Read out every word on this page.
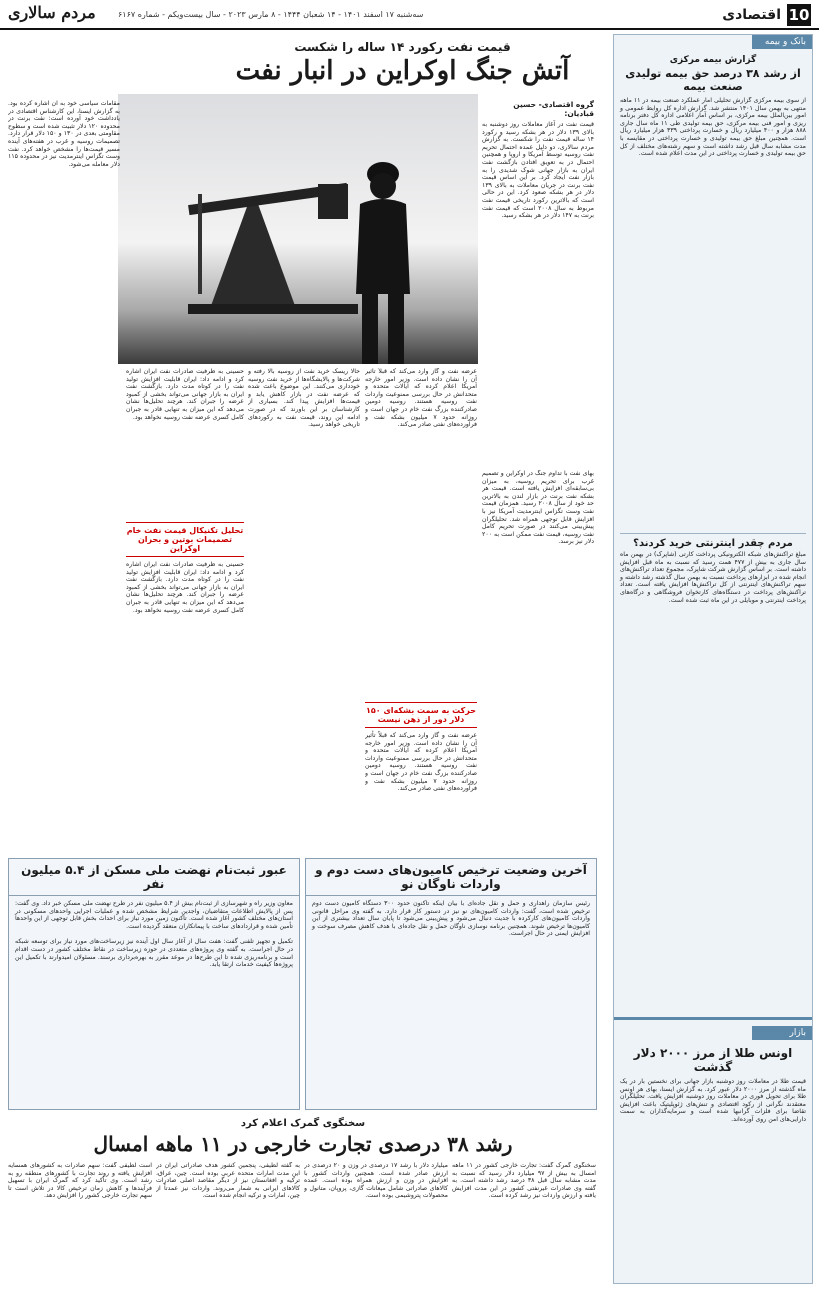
10
اقتصادی
سه‌شنبه ۱۷ اسفند ۱۴۰۱ - ۱۴ شعبان ۱۴۴۴ - ۸ مارس ۲۰۲۳ - سال بیست‌ویکم - شماره ۶۱۶۷
مردم سالاری
بانک و بیمه
گزارش بیمه مرکزی
از رشد ۳۸ درصد حق بیمه تولیدی صنعت بیمه
از سوی بیمه مرکزی گزارش تحلیلی آمار عملکرد صنعت بیمه در ۱۱ ماهه منتهی به بهمن سال ۱۴۰۱ منتشر شد. گزارش اداره کل روابط عمومی و امور بین‌الملل بیمه مرکزی، بر اساس آمار اعلامی اداره کل دفتر برنامه ریزی و امور فنی بیمه مرکزی، حق بیمه تولیدی طی ۱۱ ماه سال جاری ۸۸۸ هزار و ۴۰۰ میلیارد ریال و خسارت پرداختی ۳۳۹ هزار میلیارد ریال است. همچنین مبلغ حق بیمه تولیدی و خسارت پرداختی در مقایسه با مدت مشابه سال قبل رشد داشته است و سهم رشته‌های مختلف از کل حق بیمه تولیدی و خسارت پرداختی در این مدت اعلام شده است.
مردم چقدر اینترنتی خرید کردند؟
مبلغ تراکنش‌های شبکه الکترونیکی پرداخت کارتی (شاپرک) در بهمن ماه سال جاری به بیش از ۴۷۷ همت رسید که نسبت به ماه قبل افزایش داشته است. بر اساس گزارش شرکت شاپرک، مجموع تعداد تراکنش‌های انجام شده در ابزارهای پرداخت نسبت به بهمن سال گذشته رشد داشته و سهم تراکنش‌های اینترنتی از کل تراکنش‌ها افزایش یافته است. تعداد تراکنش‌های پرداخت در دستگاه‌های کارتخوان فروشگاهی و درگاه‌های پرداخت اینترنتی و موبایلی در این ماه ثبت شده است.
بازار
اونس طلا از مرز ۲۰۰۰ دلار گذشت
قیمت طلا در معاملات روز دوشنبه بازار جهانی برای نخستین بار در یک ماه گذشته از مرز ۲۰۰۰ دلار عبور کرد. به گزارش ایسنا، بهای هر اونس طلا برای تحویل فوری در معاملات روز دوشنبه افزایش یافت. تحلیلگران معتقدند نگرانی از رکود اقتصادی و تنش‌های ژئوپلیتیک باعث افزایش تقاضا برای فلزات گرانبها شده است و سرمایه‌گذاران به سمت دارایی‌های امن روی آورده‌اند.
قیمت نفت رکورد ۱۴ ساله را شکست
آتش جنگ اوکراین در انبار نفت
گروه اقتصادی- حسین قبادیان:
قیمت نفت در آغاز معاملات روز دوشنبه به بالای ۱۳۹ دلار در هر بشکه رسید و رکورد ۱۴ ساله قیمت نفت را شکست. به گزارش مردم سالاری، دو دلیل عمده احتمال تحریم نفت روسیه توسط آمریکا و اروپا و همچنین احتمال در به تعویق افتادن بازگشت نفت ایران به بازار جهانی شوک شدیدی را به بازار نفت ایجاد کرد. بر این اساس قیمت نفت برنت در جریان معاملات به بالای ۱۳۹ دلار در هر بشکه صعود کرد. این در حالی است که بالاترین رکورد تاریخی قیمت نفت مربوط به سال ۲۰۰۸ است که قیمت نفت برنت به ۱۴۷ دلار در هر بشکه رسید.
بهای نفت با تداوم جنگ در اوکراین و تصمیم غرب برای تحریم روسیه، به میزان بی‌سابقه‌ای افزایش یافته است. قیمت هر بشکه نفت برنت در بازار لندن به بالاترین حد خود از سال ۲۰۰۸ رسید. همزمان قیمت نفت وست تگزاس اینترمدیت آمریکا نیز با افزایش قابل توجهی همراه شد. تحلیلگران پیش‌بینی می‌کنند در صورت تحریم کامل نفت روسیه، قیمت نفت ممکن است به ۲۰۰ دلار نیز برسد.
عرضه نفت و گاز وارد می‌کند که قبلاً تأثیر آن را نشان داده است. وزیر امور خارجه آمریکا اعلام کرده که ایالات متحده و متحدانش در حال بررسی ممنوعیت واردات نفت روسیه هستند. روسیه دومین صادرکننده بزرگ نفت خام در جهان است و روزانه حدود ۷ میلیون بشکه نفت و فرآورده‌های نفتی صادر می‌کند.
حرکت به سمت بشکه‌ای ۱۵۰ دلار دور از ذهن نیست
عرضه نفت و گاز وارد می‌کند که قبلاً تأثیر آن را نشان داده است. وزیر امور خارجه آمریکا اعلام کرده که ایالات متحده و متحدانش در حال بررسی ممنوعیت واردات نفت روسیه هستند. روسیه دومین صادرکننده بزرگ نفت خام در جهان است و روزانه حدود ۷ میلیون بشکه نفت و فرآورده‌های نفتی صادر می‌کند.
حالا ریسک خرید نفت از روسیه بالا رفته و شرکت‌ها و پالایشگاه‌ها از خرید نفت روسیه خودداری می‌کنند. این موضوع باعث شده که عرضه نفت در بازار کاهش یابد و قیمت‌ها افزایش پیدا کند. بسیاری از کارشناسان بر این باورند که در صورت ادامه این روند، قیمت نفت به رکوردهای تاریخی خواهد رسید.
حسینی به ظرفیت صادرات نفت ایران اشاره کرد و ادامه داد: ایران قابلیت افزایش تولید نفت را در کوتاه مدت دارد. بازگشت نفت ایران به بازار جهانی می‌تواند بخشی از کمبود عرضه را جبران کند. هرچند تحلیل‌ها نشان می‌دهد که این میزان به تنهایی قادر به جبران کامل کسری عرضه نفت روسیه نخواهد بود.
تحلیل تکنیکال قیمت نفت خام تصمیمات بوتین و بحران اوکراین
حسینی به ظرفیت صادرات نفت ایران اشاره کرد و ادامه داد: ایران قابلیت افزایش تولید نفت را در کوتاه مدت دارد. بازگشت نفت ایران به بازار جهانی می‌تواند بخشی از کمبود عرضه را جبران کند. هرچند تحلیل‌ها نشان می‌دهد که این میزان به تنهایی قادر به جبران کامل کسری عرضه نفت روسیه نخواهد بود.
مقامات سیاسی خود به آن اشاره کرده بود. به گزارش ایسنا، این کارشناس اقتصادی در یادداشت خود آورده است: نفت برنت در محدوده ۱۲۰ دلار تثبیت شده است و سطوح مقاومتی بعدی در ۱۳۰ و ۱۵۰ دلار قرار دارد. تصمیمات روسیه و غرب در هفته‌های آینده مسیر قیمت‌ها را مشخص خواهد کرد. نفت وست تگزاس اینترمدیت نیز در محدوده ۱۱۵ دلار معامله می‌شود.
آخرین وضعیت ترخیص کامیون‌های دست دوم و واردات ناوگان نو
رئیس سازمان راهداری و حمل و نقل جاده‌ای با بیان اینکه تاکنون حدود ۳۰۰ دستگاه کامیون دست دوم ترخیص شده است، گفت: واردات کامیون‌های نو نیز در دستور کار قرار دارد. به گفته وی مراحل قانونی واردات کامیون‌های کارکرده با جدیت دنبال می‌شود و پیش‌بینی می‌شود تا پایان سال تعداد بیشتری از این کامیون‌ها ترخیص شوند. همچنین برنامه نوسازی ناوگان حمل و نقل جاده‌ای با هدف کاهش مصرف سوخت و افزایش ایمنی در حال اجراست.
عبور ثبت‌نام نهضت ملی مسکن از ۵.۴ میلیون نفر
معاون وزیر راه و شهرسازی از ثبت‌نام بیش از ۵.۴ میلیون نفر در طرح نهضت ملی مسکن خبر داد. وی گفت: پس از پالایش اطلاعات متقاضیان، واجدین شرایط مشخص شده و عملیات اجرایی واحدهای مسکونی در استان‌های مختلف کشور آغاز شده است. تاکنون زمین مورد نیاز برای احداث بخش قابل توجهی از این واحدها تأمین شده و قراردادهای ساخت با پیمانکاران منعقد گردیده است.
تکمیل و تجهیز تلفنی گفت: هفت سال از آغاز سال اول آینده نیز زیرساخت‌های مورد نیاز برای توسعه شبکه در حال اجراست. به گفته وی پروژه‌های متعددی در حوزه زیرساخت در نقاط مختلف کشور در دست اقدام است و برنامه‌ریزی شده تا این طرح‌ها در موعد مقرر به بهره‌برداری برسند. مسئولان امیدوارند با تکمیل این پروژه‌ها کیفیت خدمات ارتقا یابد.
سخنگوی گمرک اعلام کرد
رشد ۳۸ درصدی تجارت خارجی در ۱۱ ماهه امسال
سخنگوی گمرک گفت: تجارت خارجی کشور در ۱۱ ماهه امسال به بیش از ۹۷ میلیارد دلار رسید که نسبت به مدت مشابه سال قبل ۳۸ درصد رشد داشته است. به گفته وی صادرات غیرنفتی کشور در این مدت افزایش یافته و ارزش واردات نیز رشد کرده است.
میلیارد دلار با رشد ۱۷ درصدی در وزن و ۲۰ درصدی در ارزش صادر شده است. همچنین واردات کشور با افزایش در وزن و ارزش همراه بوده است. عمده کالاهای صادراتی شامل میعانات گازی، پروپان، متانول و محصولات پتروشیمی بوده است.
به گفته لطیفی، پنجمین کشور هدف صادراتی ایران در این مدت امارات متحده عربی بوده است. چین، عراق، ترکیه و افغانستان نیز از دیگر مقاصد اصلی صادرات کالاهای ایرانی به شمار می‌روند. واردات نیز عمدتاً از چین، امارات و ترکیه انجام شده است.
است لطیفی گفت: سهم صادرات به کشورهای همسایه افزایش یافته و روند تجارت با کشورهای منطقه رو به رشد است. وی تأکید کرد که گمرک ایران با تسهیل فرآیندها و کاهش زمان ترخیص کالا در تلاش است تا سهم تجارت خارجی کشور را افزایش دهد.
